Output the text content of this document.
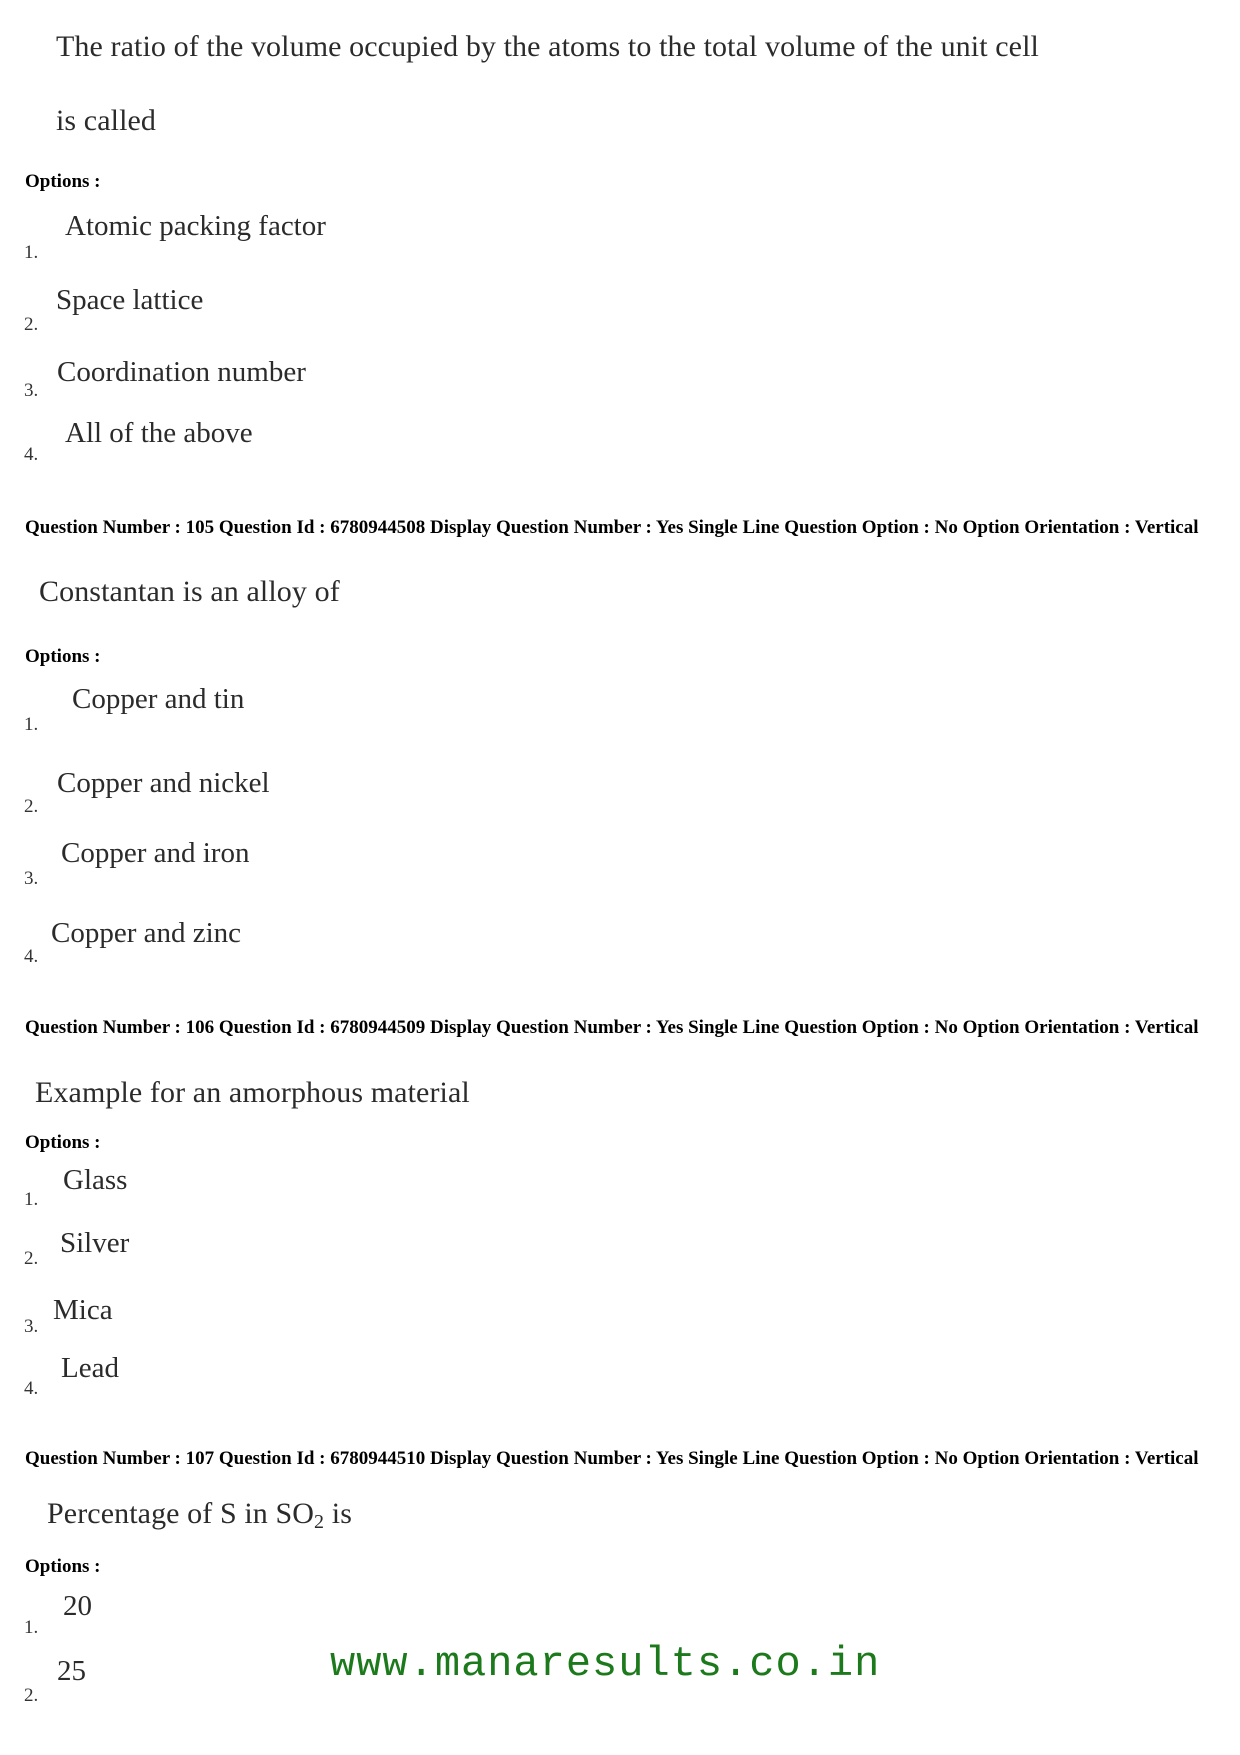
The ratio of the volume occupied by the atoms to the total volume of the unit cell
is called
Options :
Atomic packing factor
1.
Space lattice
2.
Coordination number
3.
All of the above
4.
Question Number : 105 Question Id : 6780944508 Display Question Number : Yes Single Line Question Option : No Option Orientation : Vertical
Constantan is an alloy of
Options :
Copper and tin
1.
Copper and nickel
2.
Copper and iron
3.
Copper and zinc
4.
Question Number : 106 Question Id : 6780944509 Display Question Number : Yes Single Line Question Option : No Option Orientation : Vertical
Example for an amorphous material
Options :
Glass
1.
Silver
2.
Mica
3.
Lead
4.
Question Number : 107 Question Id : 6780944510 Display Question Number : Yes Single Line Question Option : No Option Orientation : Vertical
Percentage of S in $SO_2$ is
Options :
20
1.
25
2.
www.manaresults.co.in
